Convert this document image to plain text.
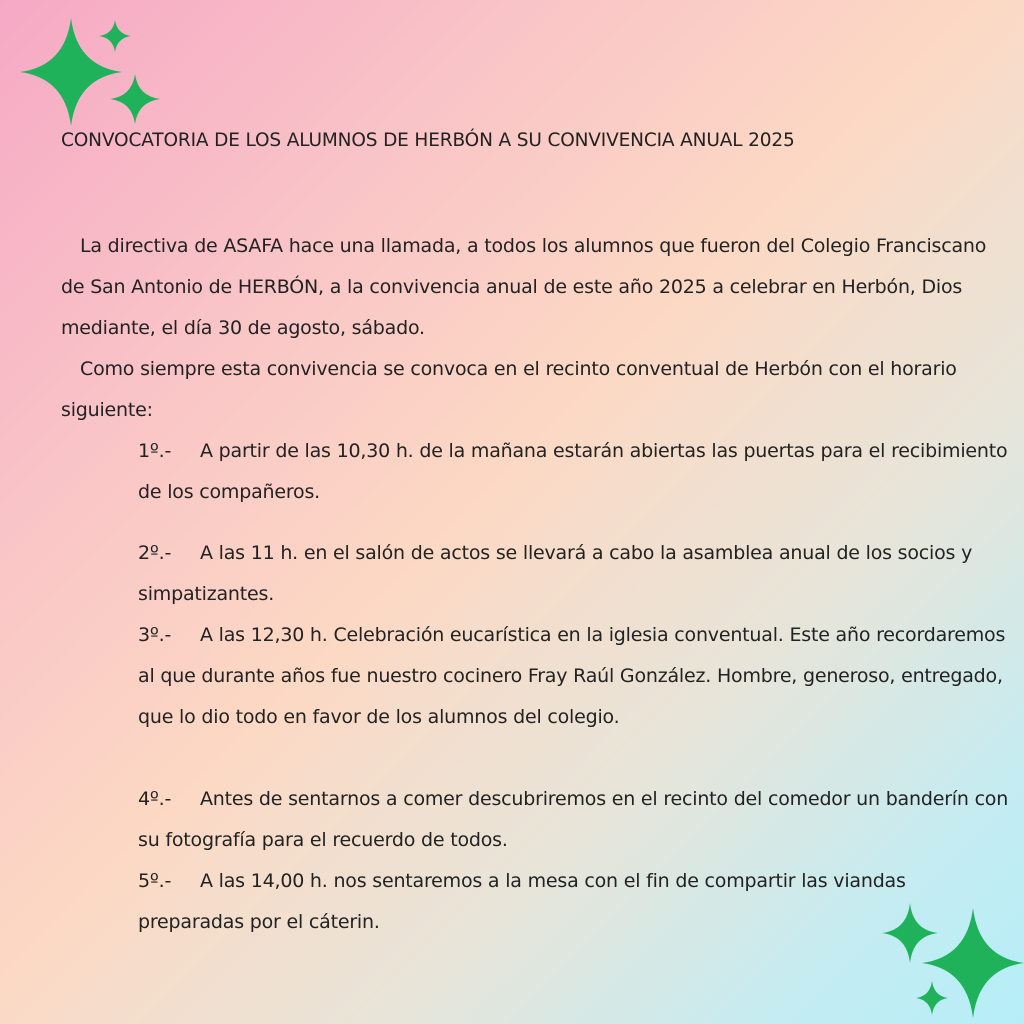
CONVOCATORIA DE LOS ALUMNOS DE HERBÓN A SU CONVIVENCIA ANUAL 2025
La directiva de ASAFA hace una llamada, a todos los alumnos que fueron del Colegio Franciscano de San Antonio de HERBÓN, a la convivencia anual de este año 2025 a celebrar en Herbón, Dios mediante, el día 30 de agosto, sábado.
Como siempre esta convivencia se convoca en el recinto conventual de Herbón con el horario siguiente:
1º.- A partir de las 10,30 h. de la mañana estarán abiertas las puertas para el recibimiento de los compañeros.
2º.- A las 11 h. en el salón de actos se llevará a cabo la asamblea anual de los socios y simpatizantes.
3º.- A las 12,30 h. Celebración eucarística en la iglesia conventual. Este año recordaremos al que durante años fue nuestro cocinero Fray Raúl González. Hombre, generoso, entregado, que lo dio todo en favor de los alumnos del colegio.
4º.- Antes de sentarnos a comer descubriremos en el recinto del comedor un banderín con su fotografía para el recuerdo de todos.
5º.- A las 14,00 h. nos sentaremos a la mesa con el fin de compartir las viandas preparadas por el cáterin.
